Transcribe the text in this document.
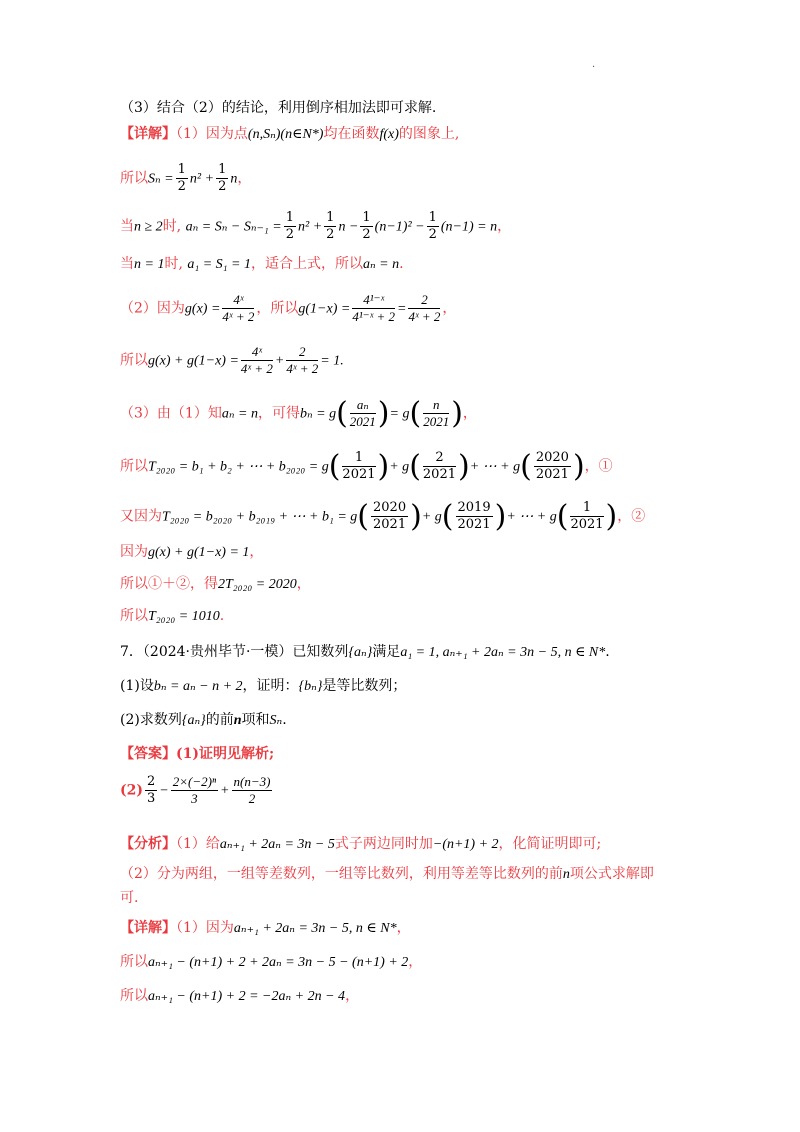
·
（3）结合（2）的结论，利用倒序相加法即可求解.
【详解】（1）因为点(n,Sₙ)(n∈N*)均在函数f(x)的图象上,
所以$S_n = \frac{1}{2} n^2 + \frac{1}{2}$ n，
当n ≥ 2时, $a_n = S_n - S_{n-1} = \frac{1}{2} n^2 + \frac{1}{2}$ $n - \frac{1}{2} (n-1)^2 - \frac{1}{2} (n-1) = n$，
当n = 1时, a₁ = S₁ = 1，适合上式，所以aₙ = n.
（2）因为$g(x) = \frac{\text{4ˣ}}{\text{4ˣ + 2}}$ ，所以$g(1-x) = \frac{\text{4¹⁻ˣ}}{\text{4¹⁻ˣ + 2}} = \frac{2}{\text{4ˣ + 2}}$ ，
所以$g(x) + g(1-x) = \frac{\text{4ˣ}}{\text{4ˣ + 2}} + \frac{2}{\text{4ˣ + 2}} = 1$.
（3）由（1）知aₙ = n，可得$b_n = g( \frac{\text{aₙ}}{2021}$ )= $g( \frac{n}{2021}$ )，
所以T₂₀₂₀ = b₁ + b₂ + ⋯ + $b_{2020} = g( \frac{1}{2021}$ )+ $g( \frac{2}{2021}$ )+ ⋯ + $g( \frac{2020}{2021}$ )，①
又因为T₂₀₂₀ = b₂₀₂₀ + b₂₀₁₉ + ⋯ + $b_1 = g( \frac{2020}{2021}$ )+ $g( \frac{2019}{2021}$ )+ ⋯ + $g( \frac{1}{2021}$ )，②
因为g(x) + g(1−x) = 1，
所以①＋②，得2T₂₀₂₀ = 2020，
所以T₂₀₂₀ = 1010.
7．（2024·贵州毕节·一模）已知数列{aₙ}满足a₁ = 1, aₙ₊₁ + 2aₙ = 3n − 5, n ∈ N*.
(1)设bₙ = aₙ − n + 2，证明：{bₙ}是等比数列；
(2)求数列{aₙ}的前n项和Sₙ.
【答案】(1)证明见解析;
$(2) \frac{2}{3} - \frac{\text{2×(−2)ⁿ}}{3} + \frac{n(n-3)}{2}$
【分析】（1）给aₙ₊₁ + 2aₙ = 3n − 5式子两边同时加−(n+1) + 2，化简证明即可;
（2）分为两组，一组等差数列，一组等比数列，利用等差等比数列的前n项公式求解即
可.
【详解】（1）因为aₙ₊₁ + 2aₙ = 3n − 5, n ∈ N*，
所以aₙ₊₁ − (n+1) + 2 + 2aₙ = 3n − 5 − (n+1) + 2，
所以aₙ₊₁ − (n+1) + 2 = −2aₙ + 2n − 4，
